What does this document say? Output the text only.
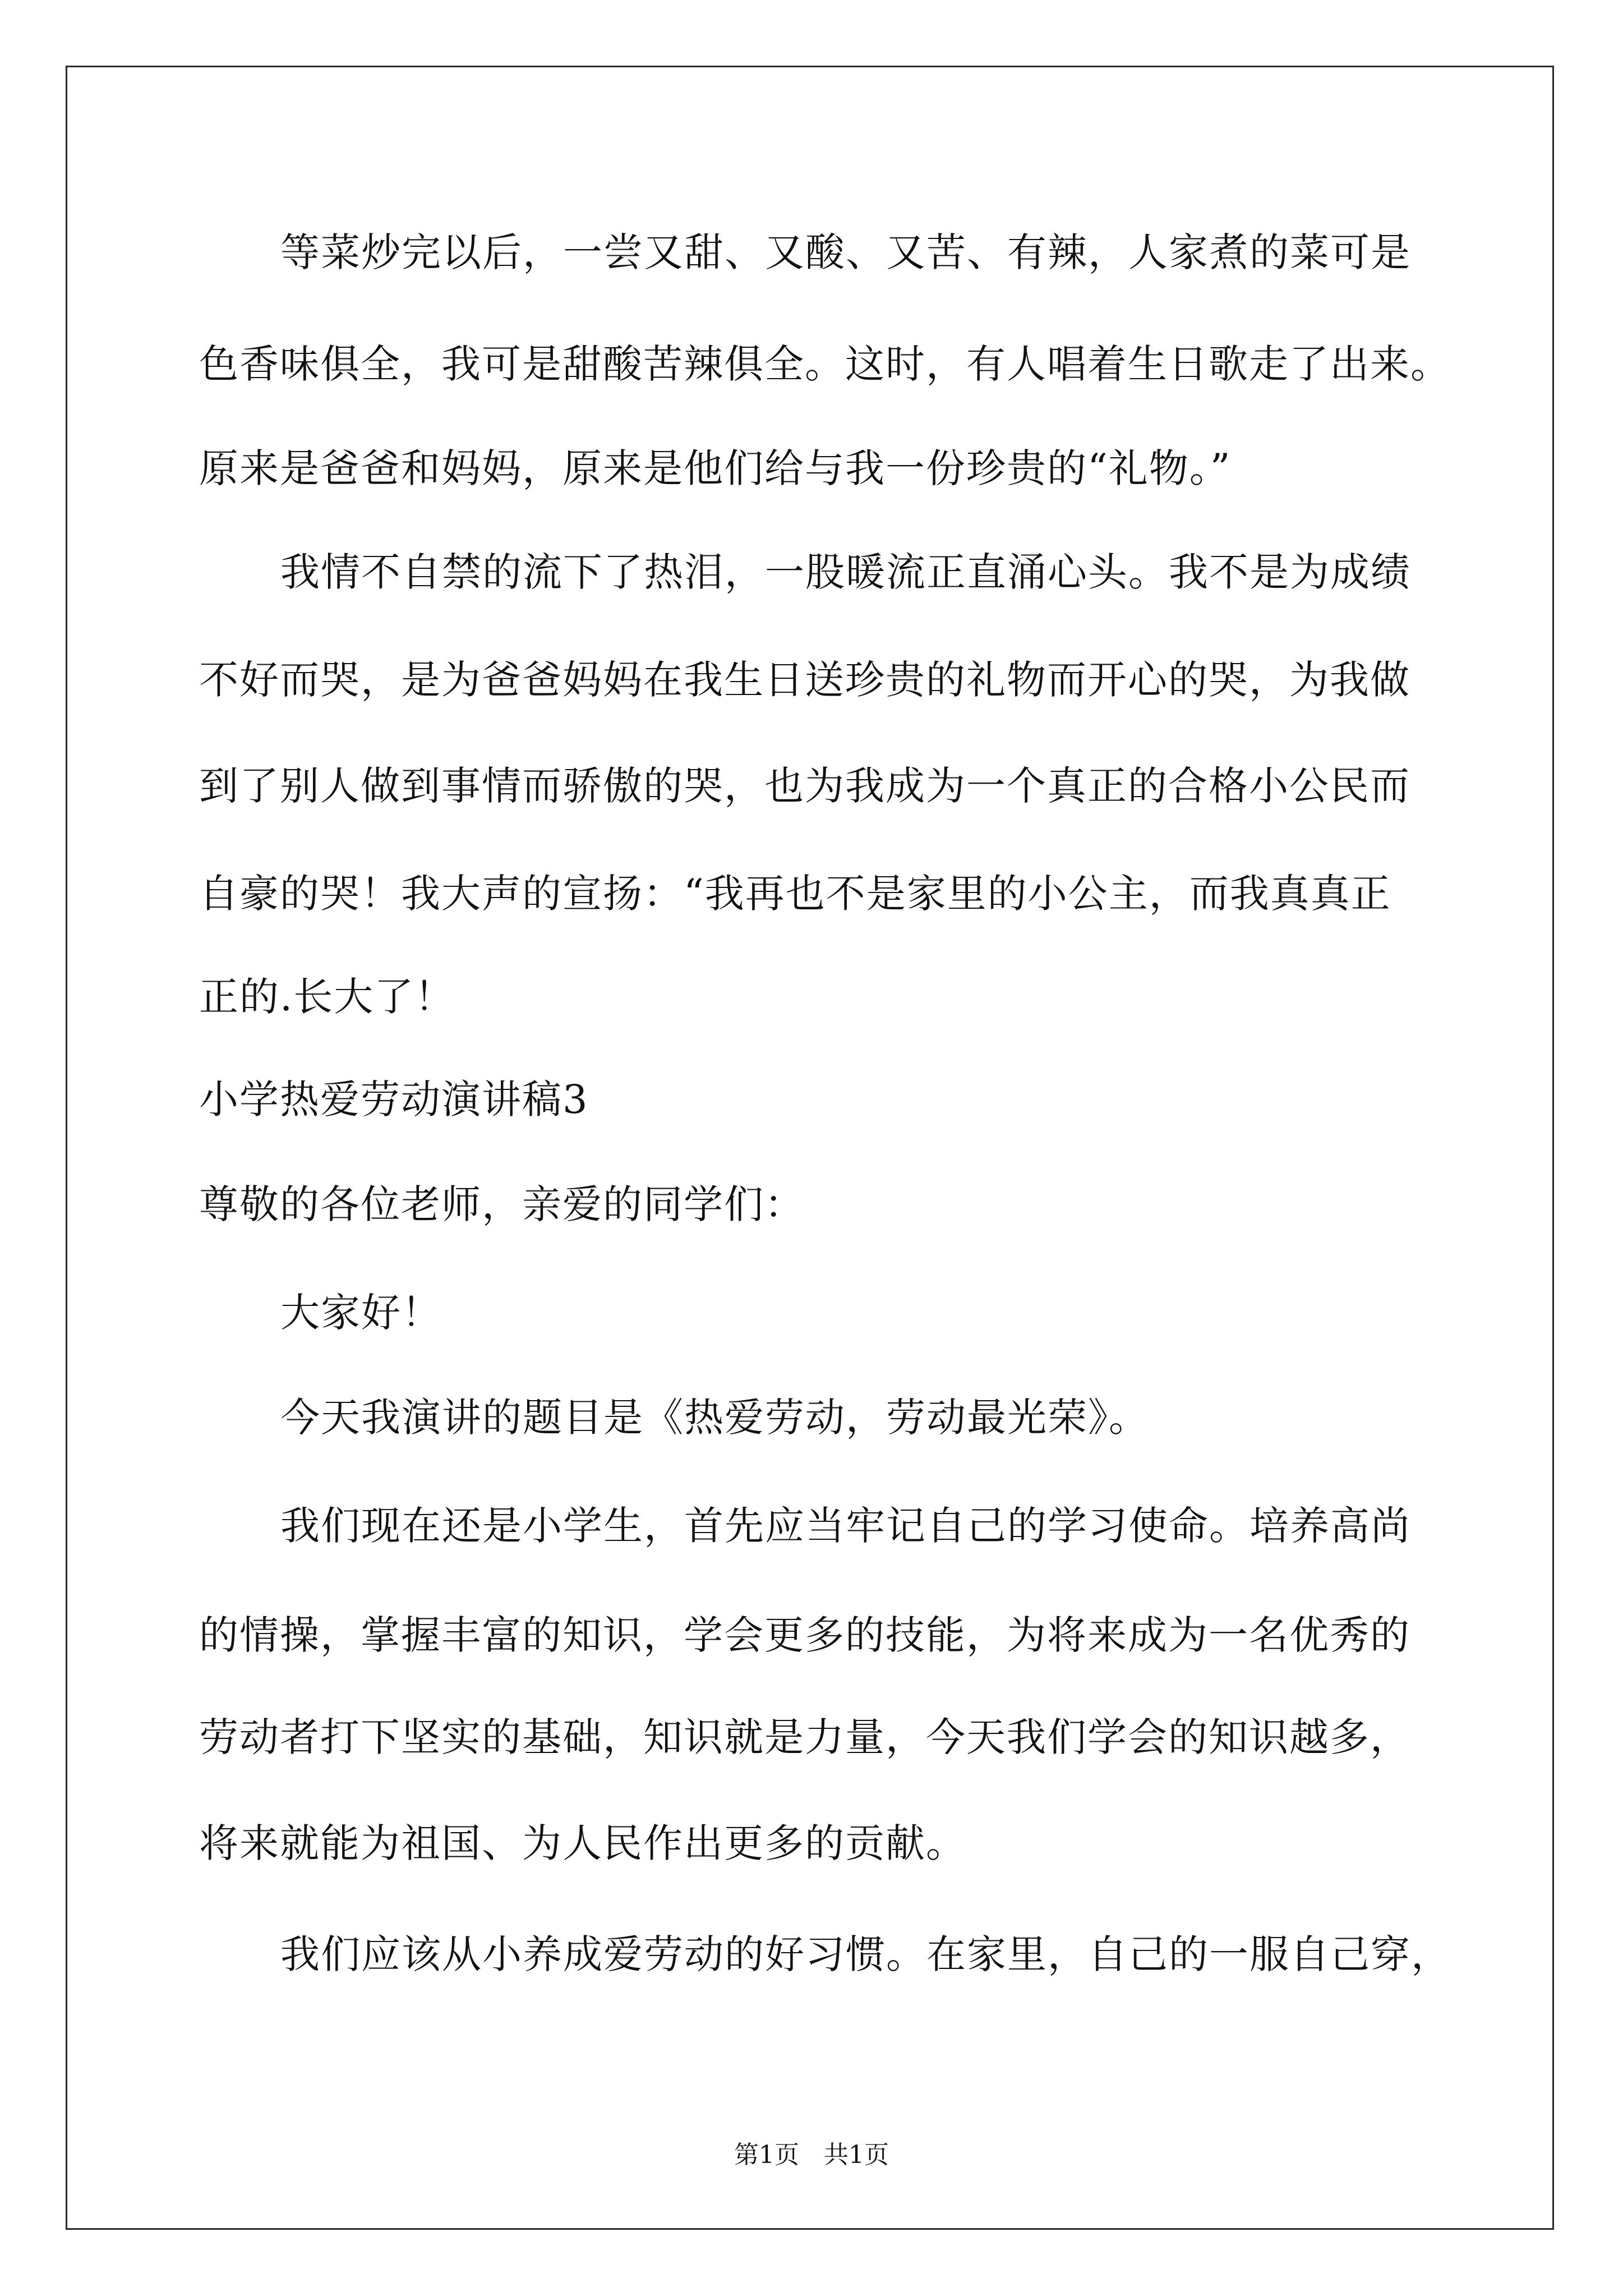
等菜炒完以后，一尝又甜、又酸、又苦、有辣，人家煮的菜可是
色香味俱全，我可是甜酸苦辣俱全。这时，有人唱着生日歌走了出来。
原来是爸爸和妈妈，原来是他们给与我一份珍贵的“礼物。”
我情不自禁的流下了热泪，一股暖流正直涌心头。我不是为成绩
不好而哭，是为爸爸妈妈在我生日送珍贵的礼物而开心的哭，为我做
到了别人做到事情而骄傲的哭，也为我成为一个真正的合格小公民而
自豪的哭！我大声的宣扬：“我再也不是家里的小公主，而我真真正
正的.长大了！
小学热爱劳动演讲稿3
尊敬的各位老师，亲爱的同学们：
大家好！
今天我演讲的题目是《热爱劳动，劳动最光荣》。
我们现在还是小学生，首先应当牢记自己的学习使命。培养高尚
的情操，掌握丰富的知识，学会更多的技能，为将来成为一名优秀的
劳动者打下坚实的基础，知识就是力量，今天我们学会的知识越多，
将来就能为祖国、为人民作出更多的贡献。
我们应该从小养成爱劳动的好习惯。在家里，自己的一服自己穿，
第1页 共1页
